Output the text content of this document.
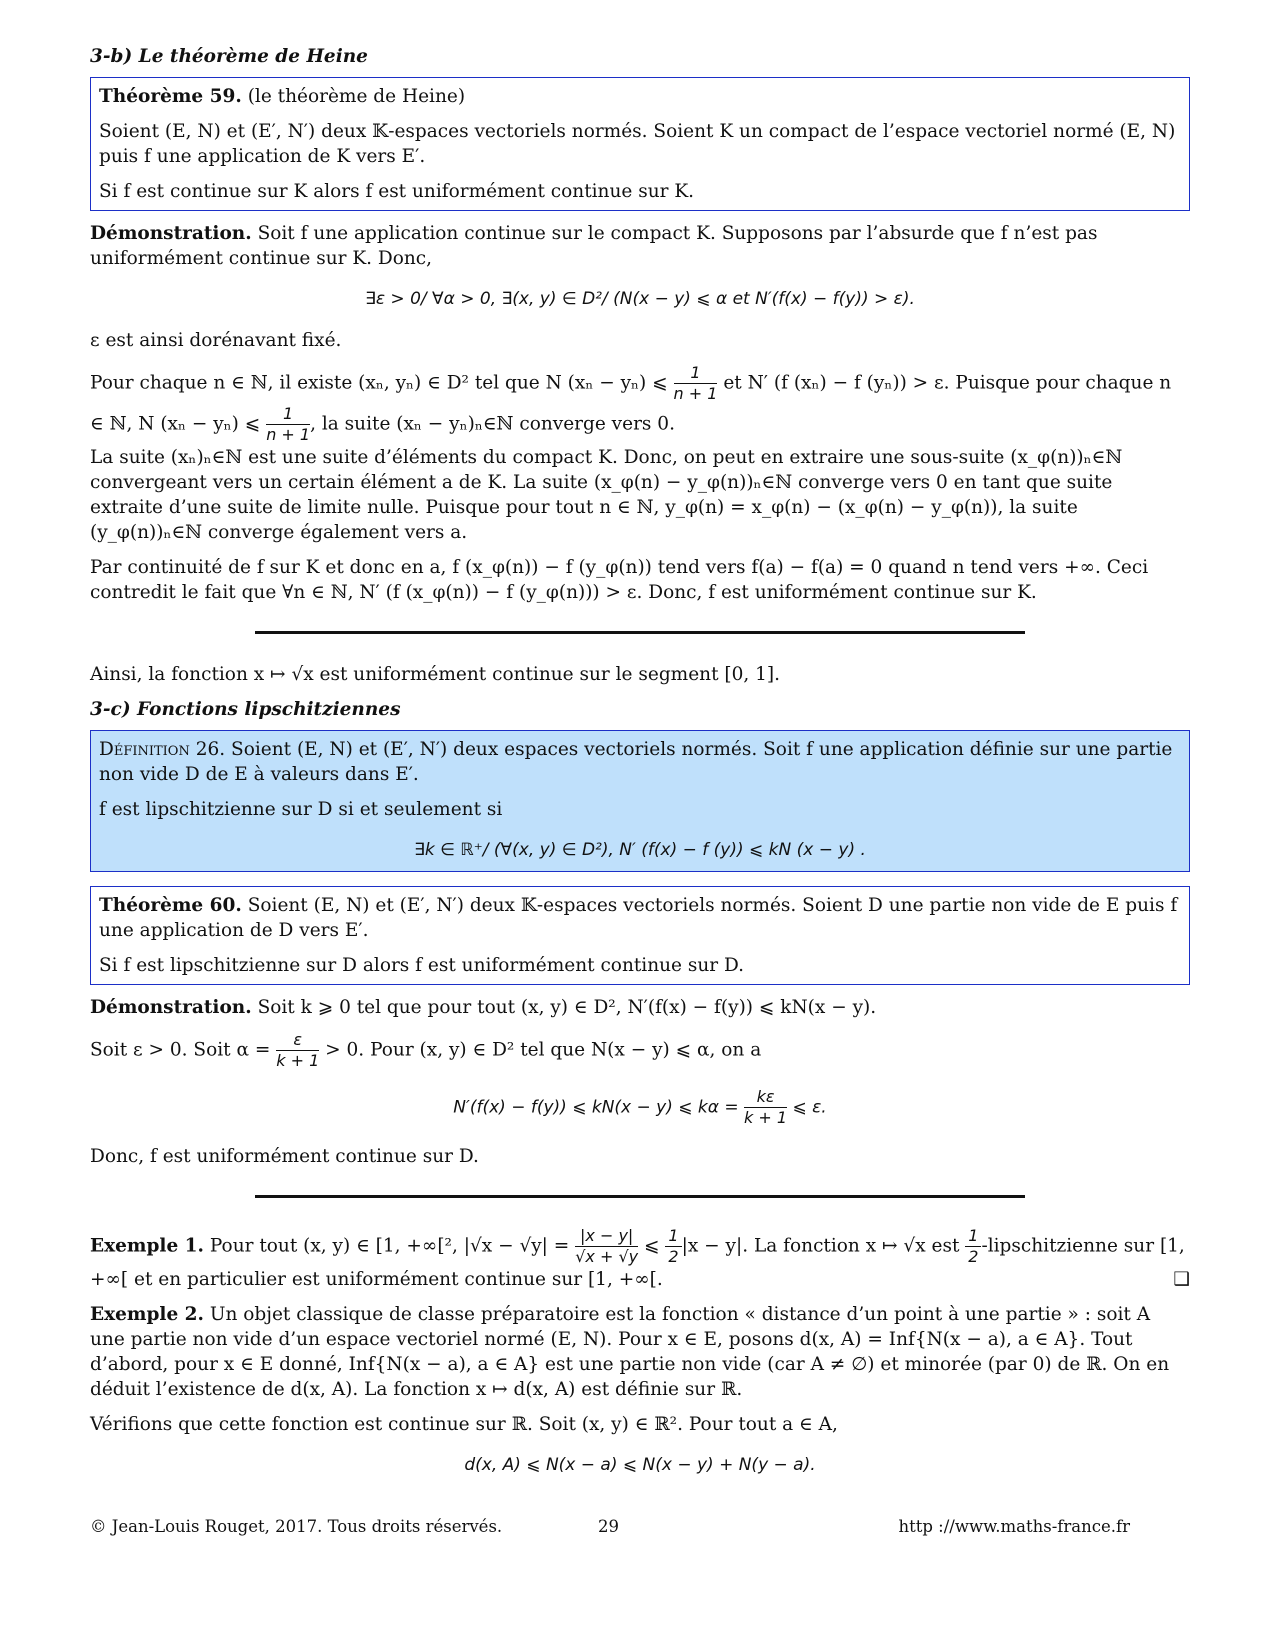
3-b) Le théorème de Heine

Théorème 59. (le théorème de Heine)

Soient (E, N) et (E′, N′) deux 𝕂-espaces vectoriels normés. Soient K un compact de l’espace vectoriel normé (E, N) puis f une application de K vers E′.

Si f est continue sur K alors f est uniformément continue sur K.

Démonstration. Soit f une application continue sur le compact K. Supposons par l’absurde que f n’est pas uniformément continue sur K. Donc,

∃ε > 0/ ∀α > 0, ∃(x, y) ∈ D²/ (N(x − y) ⩽ α et N′(f(x) − f(y)) > ε).

ε est ainsi dorénavant fixé.

Pour chaque n ∈ ℕ, il existe (xₙ, yₙ) ∈ D² tel que N (xₙ − yₙ) ⩽ $\frac{1}{n + 1}$ et N′ (f (xₙ) − f (yₙ)) > ε. Puisque pour chaque n ∈ ℕ, N (xₙ − yₙ) ⩽ $\frac{1}{n + 1}$ , la suite (xₙ − yₙ)ₙ∈ℕ converge vers 0.

La suite (xₙ)ₙ∈ℕ est une suite d’éléments du compact K. Donc, on peut en extraire une sous-suite (x_φ(n))ₙ∈ℕ convergeant vers un certain élément a de K. La suite (x_φ(n) − y_φ(n))ₙ∈ℕ converge vers 0 en tant que suite extraite d’une suite de limite nulle. Puisque pour tout n ∈ ℕ, y_φ(n) = x_φ(n) − (x_φ(n) − y_φ(n)), la suite (y_φ(n))ₙ∈ℕ converge également vers a.

Par continuité de f sur K et donc en a, f (x_φ(n)) − f (y_φ(n)) tend vers f(a) − f(a) = 0 quand n tend vers +∞. Ceci contredit le fait que ∀n ∈ ℕ, N′ (f (x_φ(n)) − f (y_φ(n))) > ε. Donc, f est uniformément continue sur K.

Ainsi, la fonction x ↦ √x est uniformément continue sur le segment [0, 1].

3-c) Fonctions lipschitziennes

Définition 26. Soient (E, N) et (E′, N′) deux espaces vectoriels normés. Soit f une application définie sur une partie non vide D de E à valeurs dans E′.

f est lipschitzienne sur D si et seulement si

∃k ∈ ℝ⁺/ (∀(x, y) ∈ D²), N′ (f(x) − f (y)) ⩽ kN (x − y) .

Théorème 60. Soient (E, N) et (E′, N′) deux 𝕂-espaces vectoriels normés. Soient D une partie non vide de E puis f une application de D vers E′.

Si f est lipschitzienne sur D alors f est uniformément continue sur D.

Démonstration. Soit k ⩾ 0 tel que pour tout (x, y) ∈ D², N′(f(x) − f(y)) ⩽ kN(x − y).

Soit ε > 0. Soit $\alpha = \frac{\varepsilon}{k + 1} > 0$. Pour (x, y) ∈ D² tel que N(x − y) ⩽ α, on a

N′(f(x) − f(y)) ⩽ kN(x − y) ⩽ $k\alpha = \frac{k\varepsilon}{k + 1}$ ⩽ ε.

Donc, f est uniformément continue sur D.

Exemple 1. Pour tout (x, y) ∈ [1, +∞[², $|√x - √y| = \frac{|x - y|}{√x + √y}$ ⩽ $\frac{1}{2} |x - y|$. La fonction x ↦ √x est $\frac{1}{2}$ -lipschitzienne sur [1, +∞[ et en particulier est uniformément continue sur [1, +∞[.	❑

Exemple 2. Un objet classique de classe préparatoire est la fonction « distance d’un point à une partie » : soit A une partie non vide d’un espace vectoriel normé (E, N). Pour x ∈ E, posons d(x, A) = Inf{N(x − a), a ∈ A}. Tout d’abord, pour x ∈ E donné, Inf{N(x − a), a ∈ A} est une partie non vide (car A ≠ ∅) et minorée (par 0) de ℝ. On en déduit l’existence de d(x, A). La fonction x ↦ d(x, A) est définie sur ℝ.

Vérifions que cette fonction est continue sur ℝ. Soit (x, y) ∈ ℝ². Pour tout a ∈ A,

d(x, A) ⩽ N(x − a) ⩽ N(x − y) + N(y − a).

© Jean-Louis Rouget, 2017. Tous droits réservés.	29	http ://www.maths-france.fr
